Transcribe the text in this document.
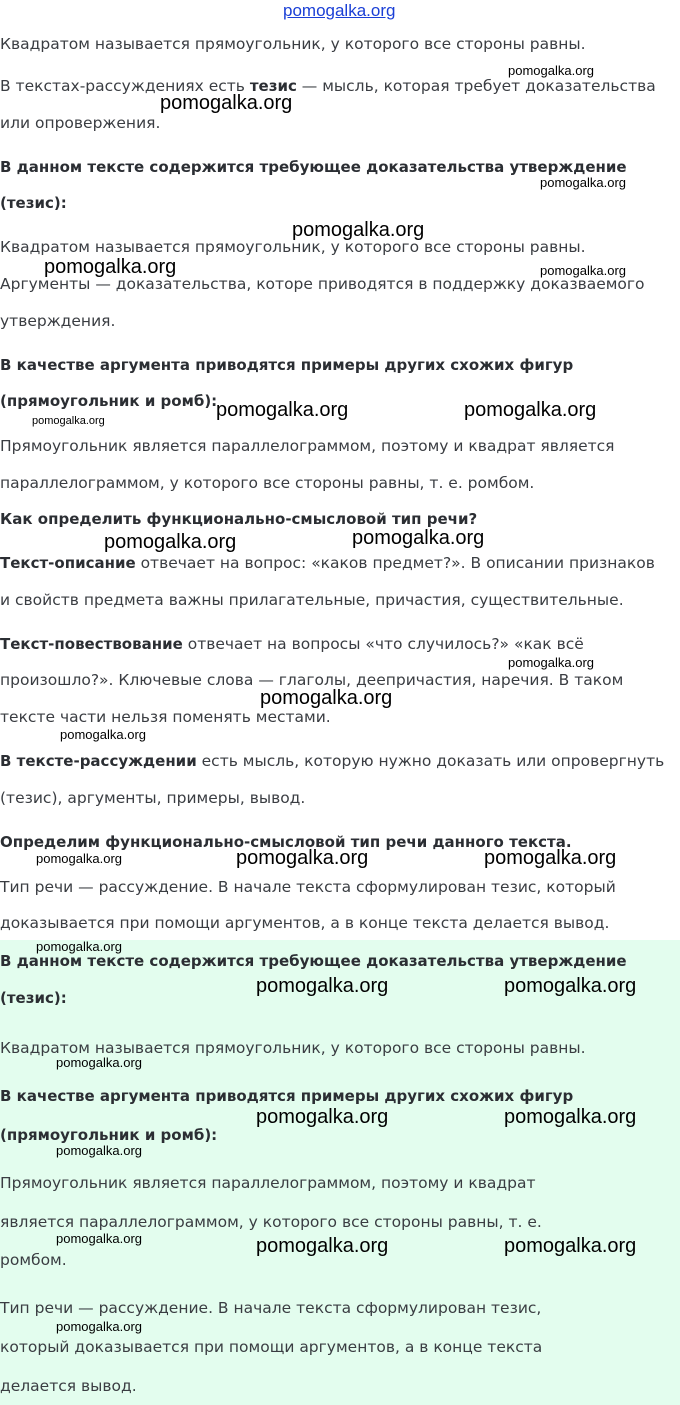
pomogalka.org
Квадратом называется прямоугольник, у которого все стороны равны.
В текстах-рассуждениях есть тезис — мысль, которая требует доказательства
или опровержения.
В данном тексте содержится требующее доказательства утверждение
(тезис):
Квадратом называется прямоугольник, у которого все стороны равны.
Аргументы — доказательства, которе приводятся в поддержку доказваемого
утверждения.
В качестве аргумента приводятся примеры других схожих фигур
(прямоугольник и ромб):
Прямоугольник является параллелограммом, поэтому и квадрат является
параллелограммом, у которого все стороны равны, т. е. ромбом.
Как определить функционально-смысловой тип речи?
Текст-описание отвечает на вопрос: «каков предмет?». В описании признаков
и свойств предмета важны прилагательные, причастия, существительные.
Текст-повествование отвечает на вопросы «что случилось?» «как всё
произошло?». Ключевые слова — глаголы, деепричастия, наречия. В таком
тексте части нельзя поменять местами.
В тексте-рассуждении есть мысль, которую нужно доказать или опровергнуть
(тезис), аргументы, примеры, вывод.
Определим функционально-смысловой тип речи данного текста.
Тип речи — рассуждение. В начале текста сформулирован тезис, который
доказывается при помощи аргументов, а в конце текста делается вывод.
В данном тексте содержится требующее доказательства утверждение
(тезис):
Квадратом называется прямоугольник, у которого все стороны равны.
В качестве аргумента приводятся примеры других схожих фигур
(прямоугольник и ромб):
Прямоугольник является параллелограммом, поэтому и квадрат
является параллелограммом, у которого все стороны равны, т. е.
ромбом.
Тип речи — рассуждение. В начале текста сформулирован тезис,
который доказывается при помощи аргументов, а в конце текста
делается вывод.
pomogalka.org
pomogalka.org
pomogalka.org
pomogalka.org
pomogalka.org	pomogalka.org
pomogalka.org	pomogalka.org
pomogalka.org
pomogalka.org
pomogalka.org
pomogalka.org
pomogalka.org
pomogalka.org
pomogalka.org	pomogalka.org	pomogalka.org
pomogalka.org
pomogalka.org	pomogalka.org
pomogalka.org
pomogalka.org	pomogalka.org
pomogalka.org
pomogalka.org	pomogalka.org	pomogalka.org
pomogalka.org
